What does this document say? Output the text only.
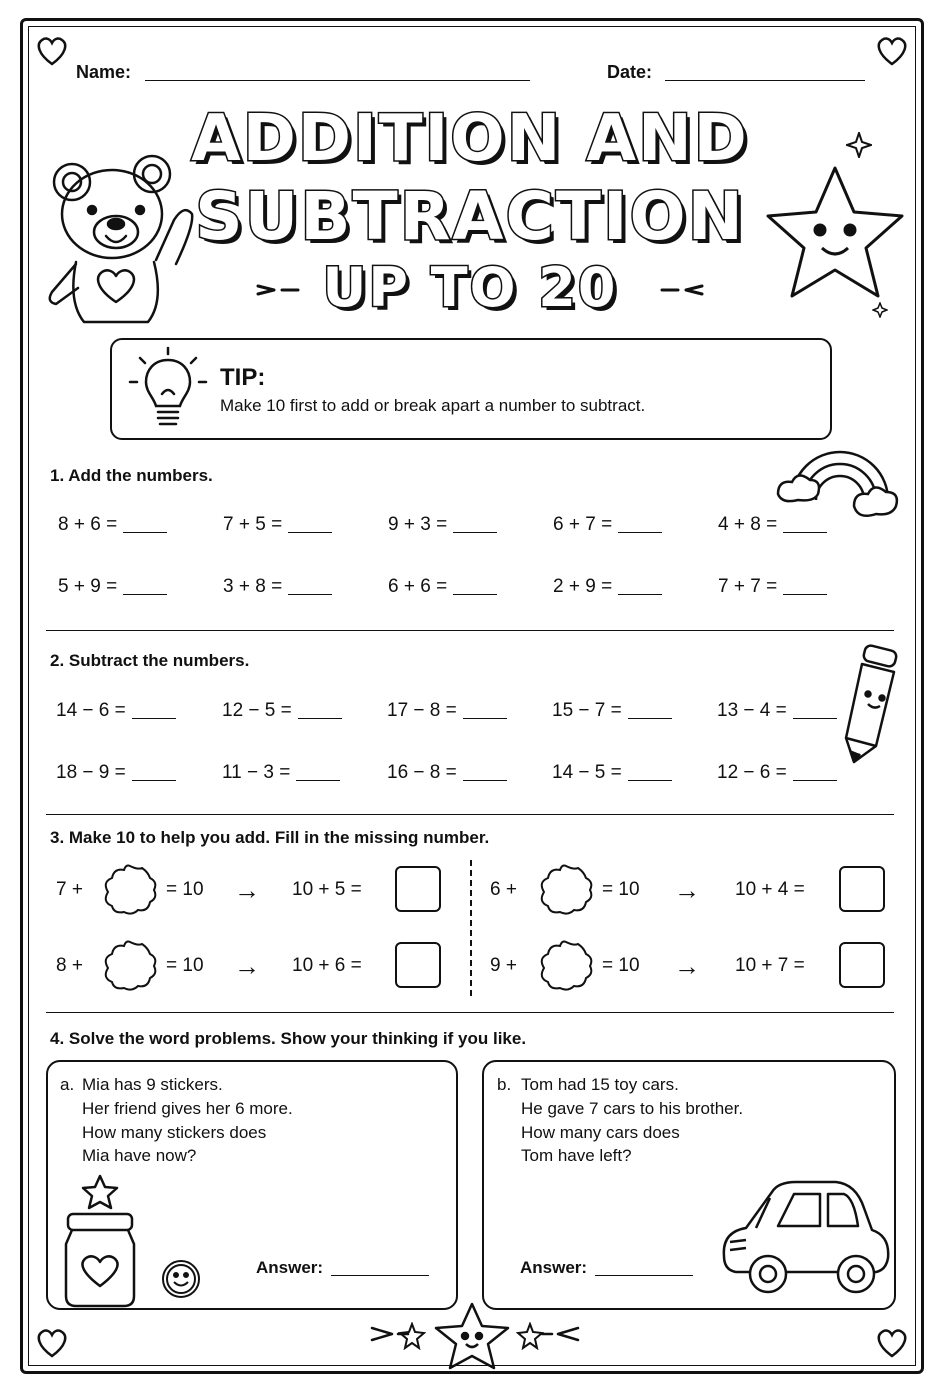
Name:	Date:
ADDITION AND
SUBTRACTION
UP TO 20
TIP:
Make 10 first to add or break apart a number to subtract.
1. Add the numbers.
8 + 6 =	7 + 5 =	9 + 3 =	6 + 7 =	4 + 8 =
5 + 9 =	3 + 8 =	6 + 6 =	2 + 9 =	7 + 7 =
2. Subtract the numbers.
14 − 6 =	12 − 5 =	17 − 8 =	15 − 7 =	13 − 4 =
18 − 9 =	11 − 3 =	16 − 8 =	14 − 5 =	12 − 6 =
3. Make 10 to help you add. Fill in the missing number.
7 +	= 10 → 10 + 5 =	6 +	= 10 → 10 + 4 =
8 +	= 10 → 10 + 6 =	9 +	= 10 → 10 + 7 =
4. Solve the word problems. Show your thinking if you like.
a. Mia has 9 stickers.
Her friend gives her 6 more.
How many stickers does
Mia have now?
Answer:
b. Tom had 15 toy cars.
He gave 7 cars to his brother.
How many cars does
Tom have left?
Answer:
